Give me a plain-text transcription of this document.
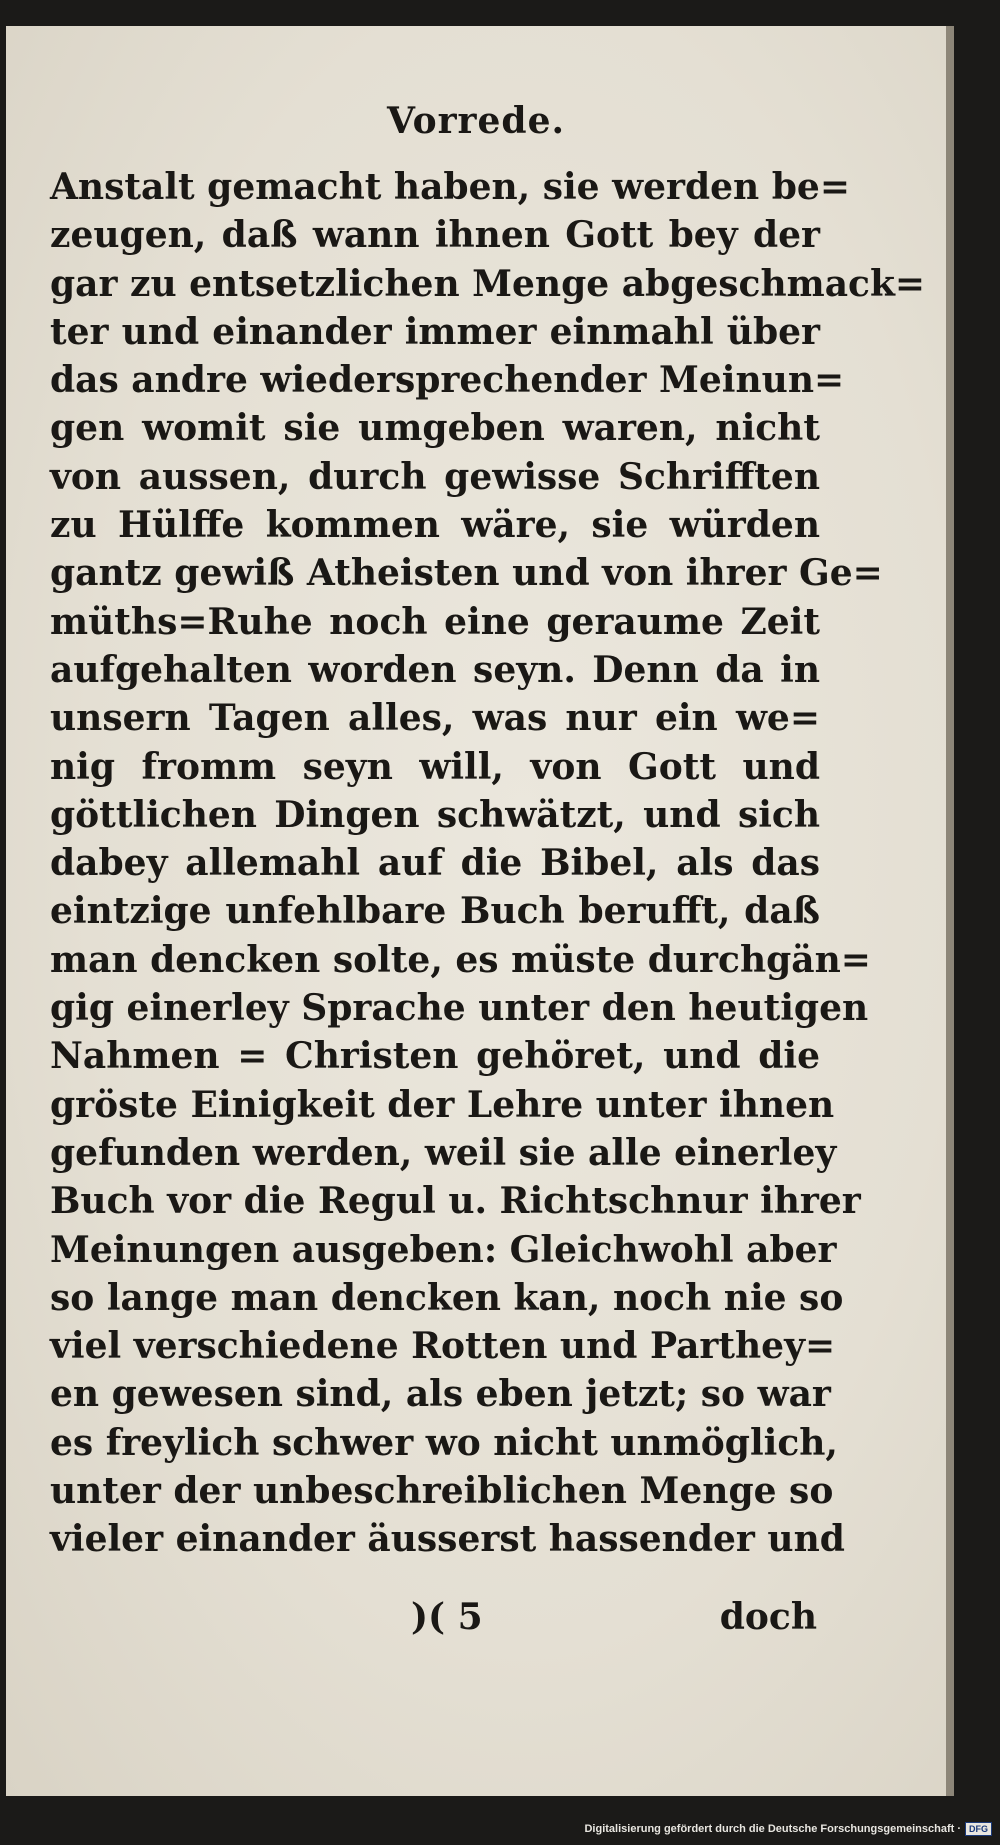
Vorrede.
Anstalt gemacht haben, sie werden be=
zeugen, daß wann ihnen Gott bey der
gar zu entsetzlichen Menge abgeschmack=
ter und einander immer einmahl über
das andre wiedersprechender Meinun=
gen womit sie umgeben waren, nicht
von aussen, durch gewisse Schrifften
zu Hülffe kommen wäre, sie würden
gantz gewiß Atheisten und von ihrer Ge=
müths=Ruhe noch eine geraume Zeit
aufgehalten worden seyn. Denn da in
unsern Tagen alles, was nur ein we=
nig fromm seyn will, von Gott und
göttlichen Dingen schwätzt, und sich
dabey allemahl auf die Bibel, als das
eintzige unfehlbare Buch berufft, daß
man dencken solte, es müste durchgän=
gig einerley Sprache unter den heutigen
Nahmen = Christen gehöret, und die
gröste Einigkeit der Lehre unter ihnen
gefunden werden, weil sie alle einerley
Buch vor die Regul u. Richtschnur ihrer
Meinungen ausgeben: Gleichwohl aber
so lange man dencken kan, noch nie so
viel verschiedene Rotten und Parthey=
en gewesen sind, als eben jetzt; so war
es freylich schwer wo nicht unmöglich,
unter der unbeschreiblichen Menge so
vieler einander äusserst hassender und
)( 5	doch
Digitalisierung gefördert durch die Deutsche Forschungsgemeinschaft · DFG
